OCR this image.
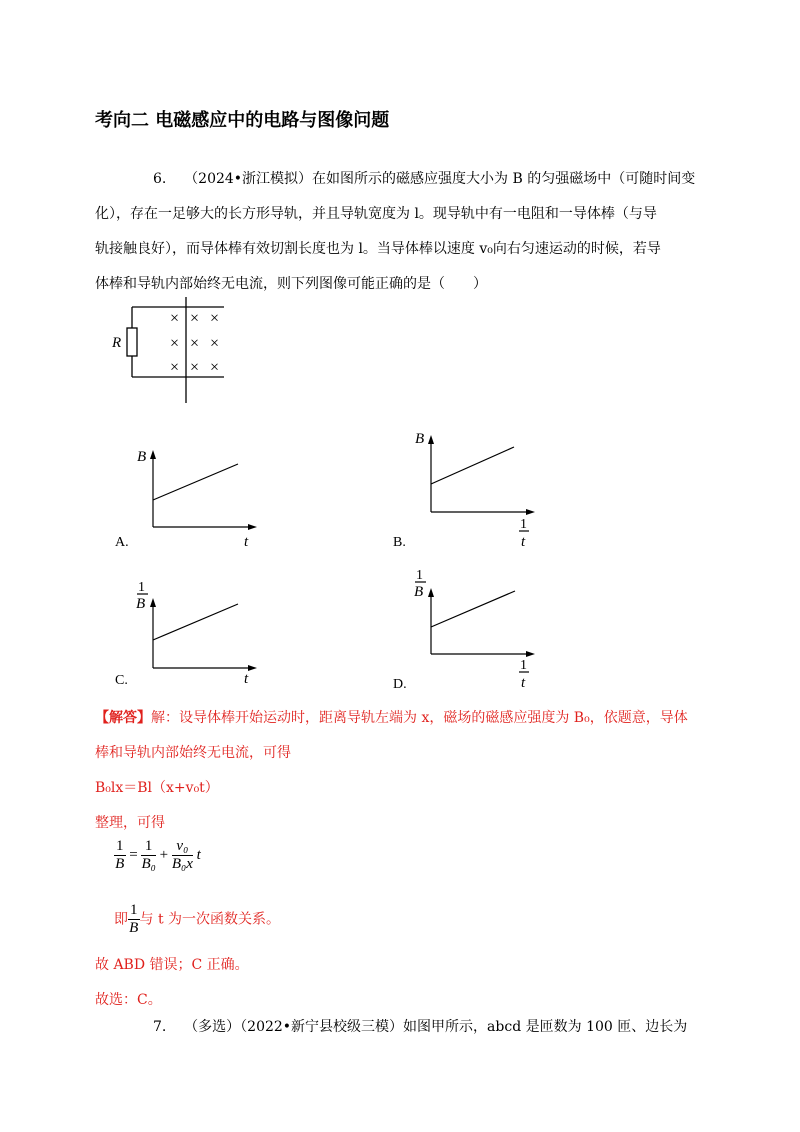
考向二 电磁感应中的电路与图像问题
6. （2024•浙江模拟）在如图所示的磁感应强度大小为 B 的匀强磁场中（可随时间变
化），存在一足够大的长方形导轨，并且导轨宽度为 l。现导轨中有一电阻和一导体棒（与导
轨接触良好），而导体棒有效切割长度也为 l。当导体棒以速度 v₀向右匀速运动的时候，若导
体棒和导轨内部始终无电流，则下列图像可能正确的是（　　）
R
× × ×
× × ×
× × ×
B
t
A.
B
1
t
B.
1
B
t
C.
1
B
1
t
D.
【解答】解：设导体棒开始运动时，距离导轨左端为 x，磁场的磁感应强度为 B₀，依题意，导体
棒和导轨内部始终无电流，可得
B₀lx＝Bl（x+v₀t）
整理，可得
$\frac{1}{B} = \frac{1}{\text{B₀}} + \frac{\text{v₀}}{\text{B₀x}}$ t
即 $\frac{1}{B}$ 与 t 为一次函数关系。
故 ABD 错误；C 正确。
故选：C。
7. （多选）（2022•新宁县校级三模）如图甲所示，abcd 是匝数为 100 匝、边长为
